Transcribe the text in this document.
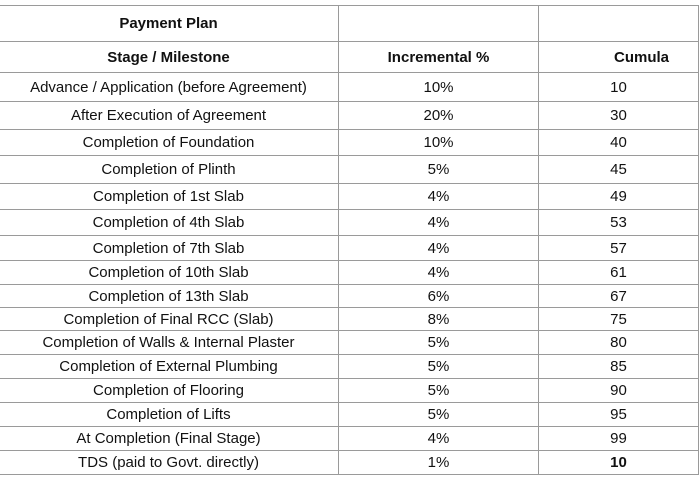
Payment Plan		
Stage / Milestone	Incremental %	Cumula
Advance / Application (before Agreement)	10%	10
After Execution of Agreement	20%	30
Completion of Foundation	10%	40
Completion of Plinth	5%	45
Completion of 1st Slab	4%	49
Completion of 4th Slab	4%	53
Completion of 7th Slab	4%	57
Completion of 10th Slab	4%	61
Completion of 13th Slab	6%	67
Completion of Final RCC (Slab)	8%	75
Completion of Walls & Internal Plaster	5%	80
Completion of External Plumbing	5%	85
Completion of Flooring	5%	90
Completion of Lifts	5%	95
At Completion (Final Stage)	4%	99
TDS (paid to Govt. directly)	1%	10
